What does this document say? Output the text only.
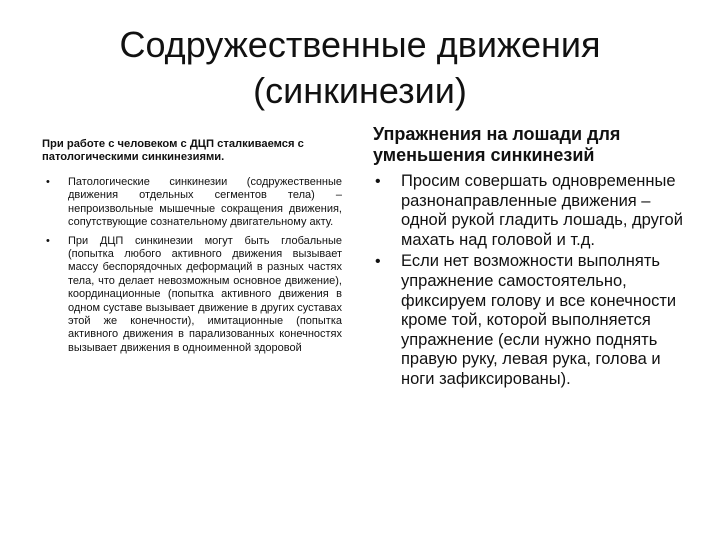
Содружественные движения
(синкинезии)

При работе с человеком с ДЦП сталкиваемся с патологическими синкинезиями.

• Патологические синкинезии (содружественные движения отдельных сегментов тела) – непроизвольные мышечные сокращения движения, сопутствующие сознательному двигательному акту.
• При ДЦП синкинезии могут быть глобальные (попытка любого активного движения вызывает массу беспорядочных деформаций в разных частях тела, что делает невозможным основное движение), координационные (попытка активного движения в одном суставе вызывает движение в других суставах этой же конечности), имитационные (попытка активного движения в парализованных конечностях вызывает движения в одноименной здоровой

Упражнения на лошади для уменьшения синкинезий

• Просим совершать одновременные разнонаправленные движения – одной рукой гладить лошадь, другой махать над головой и т.д.
• Если нет возможности выполнять упражнение самостоятельно, фиксируем голову и все конечности кроме той, которой выполняется упражнение (если нужно поднять правую руку, левая рука, голова и ноги зафиксированы).
